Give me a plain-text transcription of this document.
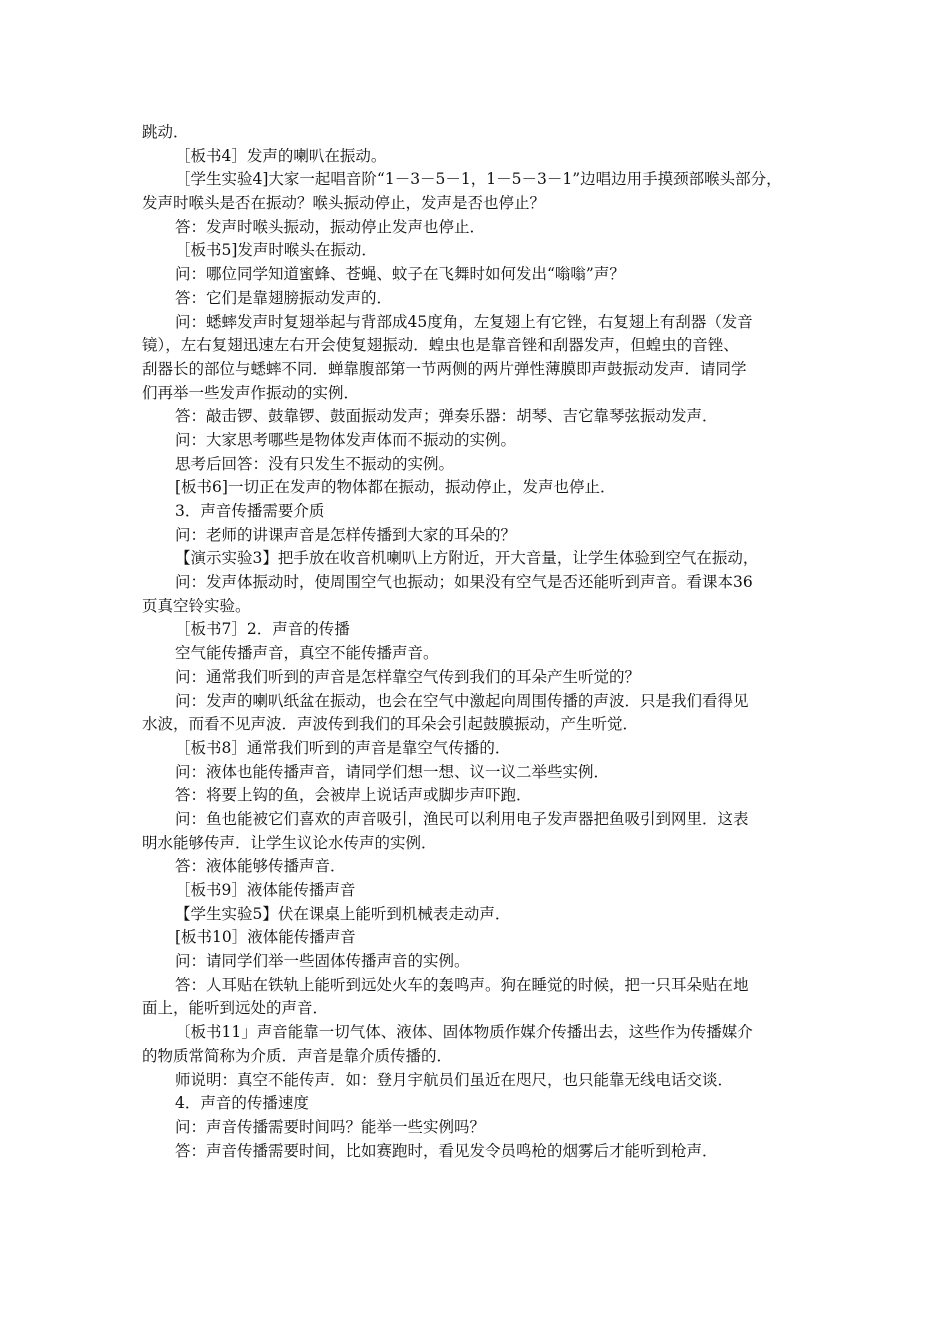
跳动．
［板书4］发声的喇叭在振动。
［学生实验4]大家一起唱音阶“1－3－5－1，1－5－3－1”边唱边用手摸颈部喉头部分，
发声时喉头是否在振动？喉头振动停止，发声是否也停止？
答：发声时喉头振动，振动停止发声也停止．
［板书5]发声时喉头在振动．
问：哪位同学知道蜜蜂、苍蝇、蚊子在飞舞时如何发出“嗡嗡”声？
答：它们是靠翅膀振动发声的．
问：蟋蟀发声时复翅举起与背部成45度角，左复翅上有它锉，右复翅上有刮器（发音
镜），左右复翅迅速左右开会使复翅振动．蝗虫也是靠音锉和刮器发声，但蝗虫的音锉、
刮器长的部位与蟋蟀不同．蝉靠腹部第一节两侧的两片弹性薄膜即声鼓振动发声．请同学
们再举一些发声作振动的实例．
答：敲击锣、鼓靠锣、鼓面振动发声；弹奏乐器：胡琴、吉它靠琴弦振动发声．
问：大家思考哪些是物体发声体而不振动的实例。
思考后回答：没有只发生不振动的实例。
[板书6]一切正在发声的物体都在振动，振动停止，发声也停止．
3．声音传播需要介质
问：老师的讲课声音是怎样传播到大家的耳朵的？
【演示实验3】把手放在收音机喇叭上方附近，开大音量，让学生体验到空气在振动，
问：发声体振动时，使周围空气也振动；如果没有空气是否还能听到声音。看课本36
页真空铃实验。
［板书7］2．声音的传播
空气能传播声音，真空不能传播声音。
问：通常我们听到的声音是怎样靠空气传到我们的耳朵产生听觉的？
问：发声的喇叭纸盆在振动，也会在空气中激起向周围传播的声波．只是我们看得见
水波，而看不见声波．声波传到我们的耳朵会引起鼓膜振动，产生听觉．
［板书8］通常我们听到的声音是靠空气传播的．
问：液体也能传播声音，请同学们想一想、议一议二举些实例．
答：将要上钩的鱼，会被岸上说话声或脚步声吓跑．
问：鱼也能被它们喜欢的声音吸引，渔民可以利用电子发声器把鱼吸引到网里．这表
明水能够传声．让学生议论水传声的实例．
答：液体能够传播声音．
［板书9］液体能传播声音
【学生实验5】伏在课桌上能听到机械表走动声．
[板书10］液体能传播声音
问：请同学们举一些固体传播声音的实例。
答：人耳贴在铁轨上能听到远处火车的轰鸣声。狗在睡觉的时候，把一只耳朵贴在地
面上，能听到远处的声音．
〔板书11」声音能靠一切气体、液体、固体物质作媒介传播出去，这些作为传播媒介
的物质常简称为介质．声音是靠介质传播的．
师说明：真空不能传声．如：登月宇航员们虽近在咫尺，也只能靠无线电话交谈．
4．声音的传播速度
问：声音传播需要时间吗？能举一些实例吗？
答：声音传播需要时间，比如赛跑时，看见发令员鸣枪的烟雾后才能听到枪声．
